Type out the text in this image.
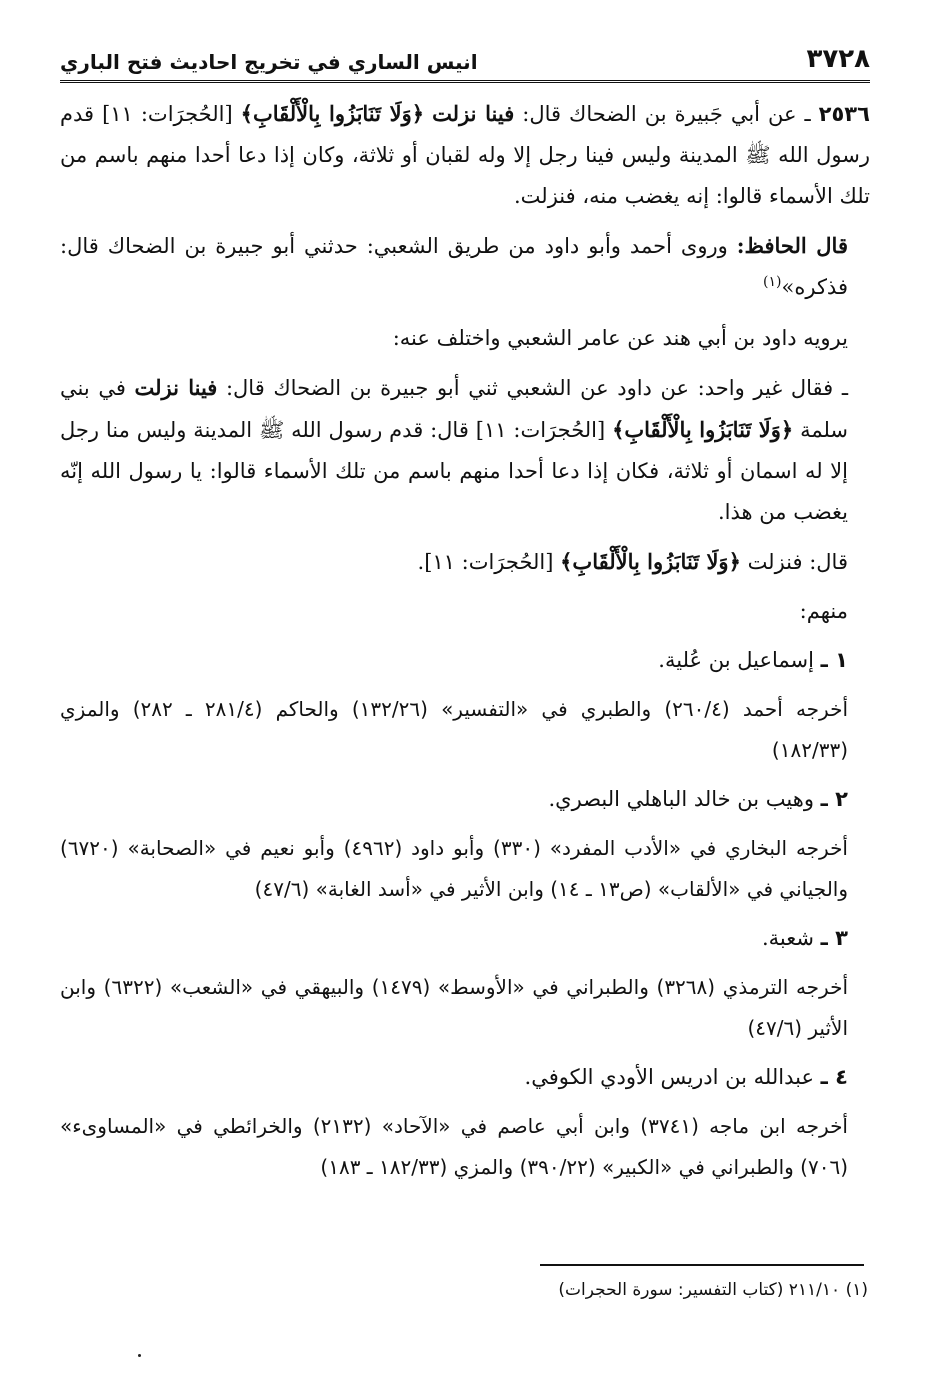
٣٧٢٨
انيس الساري في تخريج احاديث فتح الباري

٢٥٣٦ ـ عن أبي جَبيرة بن الضحاك قال: فينا نزلت ﴿وَلَا تَنَابَزُوا بِالْأَلْقَابِ﴾ [الحُجرَات: ١١] قدم رسول الله ﷺ المدينة وليس فينا رجل إلا وله لقبان أو ثلاثة، وكان إذا دعا أحدا منهم باسم من تلك الأسماء قالوا: إنه يغضب منه، فنزلت.

قال الحافظ: وروى أحمد وأبو داود من طريق الشعبي: حدثني أبو جبيرة بن الضحاك قال: فذكره»$^{(١)}$

يرويه داود بن أبي هند عن عامر الشعبي واختلف عنه:

ـ فقال غير واحد: عن داود عن الشعبي ثني أبو جبيرة بن الضحاك قال: فينا نزلت في بني سلمة ﴿وَلَا تَنَابَزُوا بِالْأَلْقَابِ﴾ [الحُجرَات: ١١] قال: قدم رسول الله ﷺ المدينة وليس منا رجل إلا له اسمان أو ثلاثة، فكان إذا دعا أحدا منهم باسم من تلك الأسماء قالوا: يا رسول الله إنّه يغضب من هذا.

قال: فنزلت ﴿وَلَا تَنَابَزُوا بِالْأَلْقَابِ﴾ [الحُجرَات: ١١].

منهم:

١ ـ إسماعيل بن عُلية.

أخرجه أحمد (٢٦٠/٤) والطبري في «التفسير» (١٣٢/٢٦) والحاكم (٢٨١/٤ ـ ٢٨٢) والمزي (١٨٢/٣٣)

٢ ـ وهيب بن خالد الباهلي البصري.

أخرجه البخاري في «الأدب المفرد» (٣٣٠) وأبو داود (٤٩٦٢) وأبو نعيم في «الصحابة» (٦٧٢٠) والجياني في «الألقاب» (ص١٣ ـ ١٤) وابن الأثير في «أسد الغابة» (٤٧/٦)

٣ ـ شعبة.

أخرجه الترمذي (٣٢٦٨) والطبراني في «الأوسط» (١٤٧٩) والبيهقي في «الشعب» (٦٣٢٢) وابن الأثير (٤٧/٦)

٤ ـ عبدالله بن ادريس الأودي الكوفي.

أخرجه ابن ماجه (٣٧٤١) وابن أبي عاصم في «الآحاد» (٢١٣٢) والخرائطي في «المساوىء» (٧٠٦) والطبراني في «الكبير» (٣٩٠/٢٢) والمزي (١٨٢/٣٣ ـ ١٨٣)

(١) ٢١١/١٠ (كتاب التفسير: سورة الحجرات)
